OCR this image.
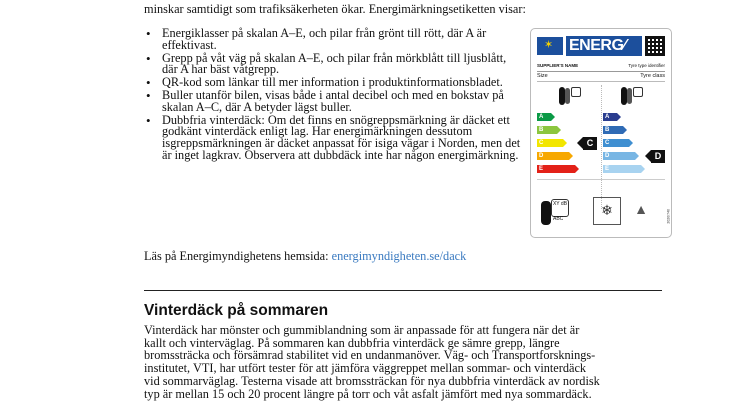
minskar samtidigt som trafiksäkerheten ökar. Energimärkningsetiketten visar:
• Energiklasser på skalan A–E, och pilar från grönt till rött, där A är effektivast.
• Grepp på våt väg på skalan A–E, och pilar från mörkblått till ljusblått, där A har bäst våtgrepp.
• QR-kod som länkar till mer information i produktinformationsbladet.
• Buller utanför bilen, visas både i antal decibel och med en bokstav på skalan A–C, där A betyder lägst buller.
• Dubbfria vinterdäck: Om det finns en snögreppsmärkning är däcket ett godkänt vinterdäck enligt lag. Har energimärkningen dessutom isgreppsmärkningen är däcket anpassat för isiga vägar i Norden, men det är inget lagkrav. Observera att dubbdäck inte har någon energimärkning.
Läs på Energimyndighetens hemsida: energimyndigheten.se/dack
Vinterdäck på sommaren
Vinterdäck har mönster och gummiblandning som är anpassade för att fungera när det är
kallt och vinterväglag. På sommaren kan dubbfria vinterdäck ge sämre grepp, längre
bromssträcka och försämrad stabilitet vid en undanmanöver. Väg- och Transportforsknings-
institutet, VTI, har utfört tester för att jämföra väggreppet mellan sommar- och vinterdäck
vid sommarväglag. Testerna visade att bromssträckan för nya dubbfria vinterdäck av nordisk
typ är mellan 15 och 20 procent längre på torr och våt asfalt jämfört med nya sommardäck.
✶
ENERG⁄
SUPPLIER'S NAME	Tyre type identifier
Size	Tyre class
A
B
C
D
E
A
B
C
D
E
C
D
XY dB
ABC
❄	▲	2020/740
